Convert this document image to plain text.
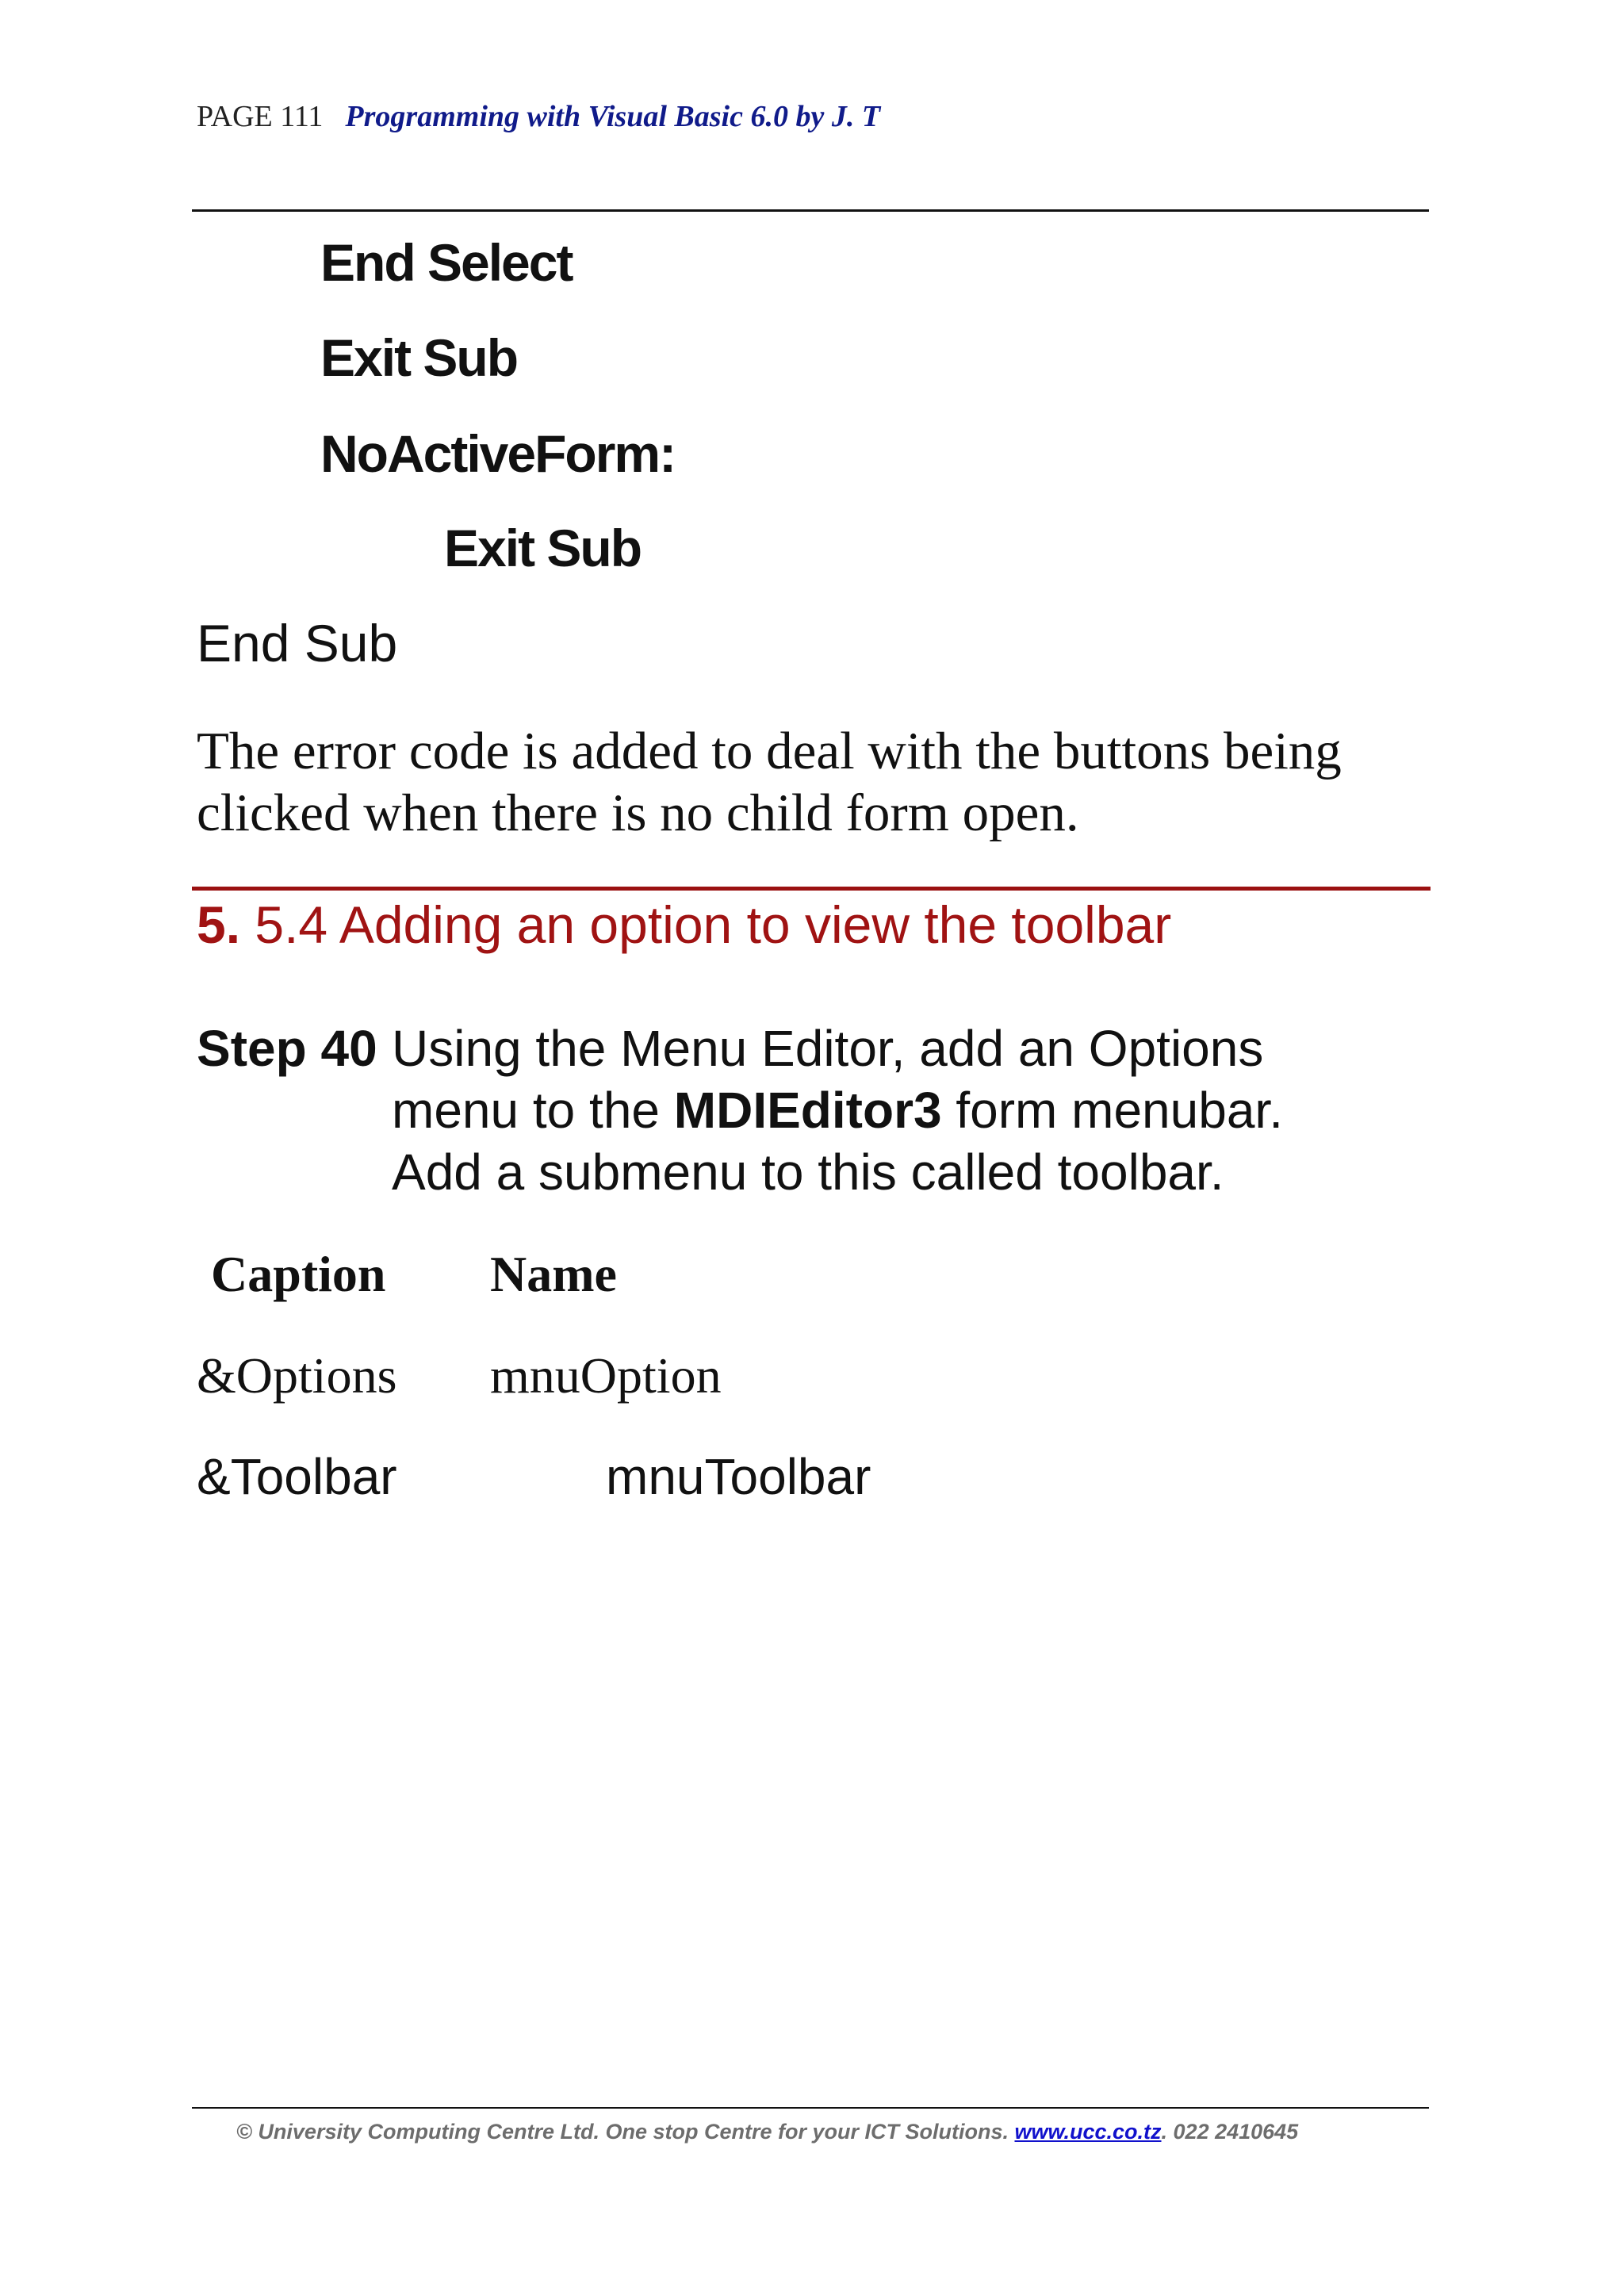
PAGE 111 Programming with Visual Basic 6.0 by J. T
End Select
Exit Sub
NoActiveForm:
Exit Sub
End Sub
The error code is added to deal with the buttons being clicked when there is no child form open.
5. 5.4 Adding an option to view the toolbar
Step 40 Using the Menu Editor, add an Options
menu to the MDIEditor3 form menubar.
Add a submenu to this called toolbar.
Caption Name
&Options mnuOption
&Toolbar	mnuToolbar
© University Computing Centre Ltd. One stop Centre for your ICT Solutions. www.ucc.co.tz. 022 2410645
